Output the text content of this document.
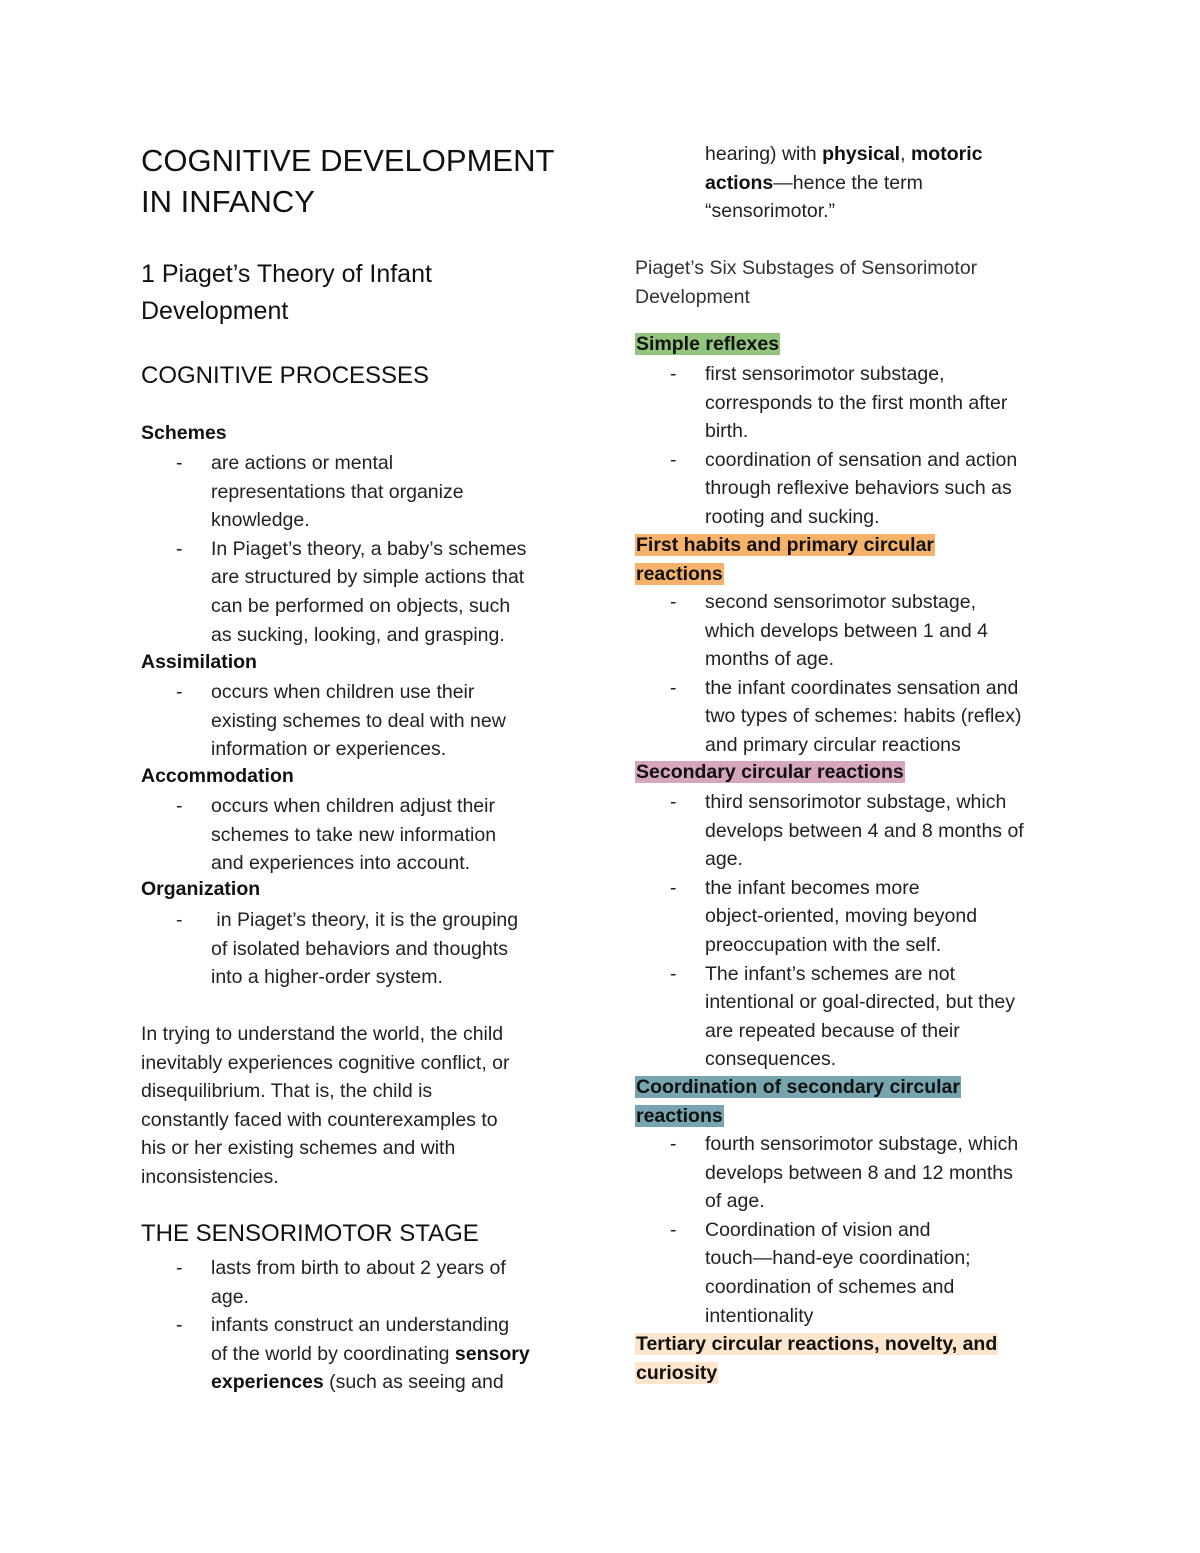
COGNITIVE DEVELOPMENT
IN INFANCY
1 Piaget’s Theory of Infant
Development
COGNITIVE PROCESSES
Schemes
- are actions or mental
representations that organize
knowledge.
- In Piaget’s theory, a baby’s schemes
are structured by simple actions that
can be performed on objects, such
as sucking, looking, and grasping.
Assimilation
- occurs when children use their
existing schemes to deal with new
information or experiences.
Accommodation
- occurs when children adjust their
schemes to take new information
and experiences into account.
Organization
- in Piaget’s theory, it is the grouping
of isolated behaviors and thoughts
into a higher-order system.
In trying to understand the world, the child
inevitably experiences cognitive conflict, or
disequilibrium. That is, the child is
constantly faced with counterexamples to
his or her existing schemes and with
inconsistencies.
THE SENSORIMOTOR STAGE
- lasts from birth to about 2 years of
age.
- infants construct an understanding
of the world by coordinating sensory
experiences (such as seeing and
hearing) with physical, motoric
actions—hence the term
“sensorimotor.”
Piaget’s Six Substages of Sensorimotor
Development
Simple reflexes
- first sensorimotor substage,
corresponds to the first month after
birth.
- coordination of sensation and action
through reflexive behaviors such as
rooting and sucking.
First habits and primary circular
reactions
- second sensorimotor substage,
which develops between 1 and 4
months of age.
- the infant coordinates sensation and
two types of schemes: habits (reflex)
and primary circular reactions
Secondary circular reactions
- third sensorimotor substage, which
develops between 4 and 8 months of
age.
- the infant becomes more
object-oriented, moving beyond
preoccupation with the self.
- The infant’s schemes are not
intentional or goal-directed, but they
are repeated because of their
consequences.
Coordination of secondary circular
reactions
- fourth sensorimotor substage, which
develops between 8 and 12 months
of age.
- Coordination of vision and
touch—hand-eye coordination;
coordination of schemes and
intentionality
Tertiary circular reactions, novelty, and
curiosity
